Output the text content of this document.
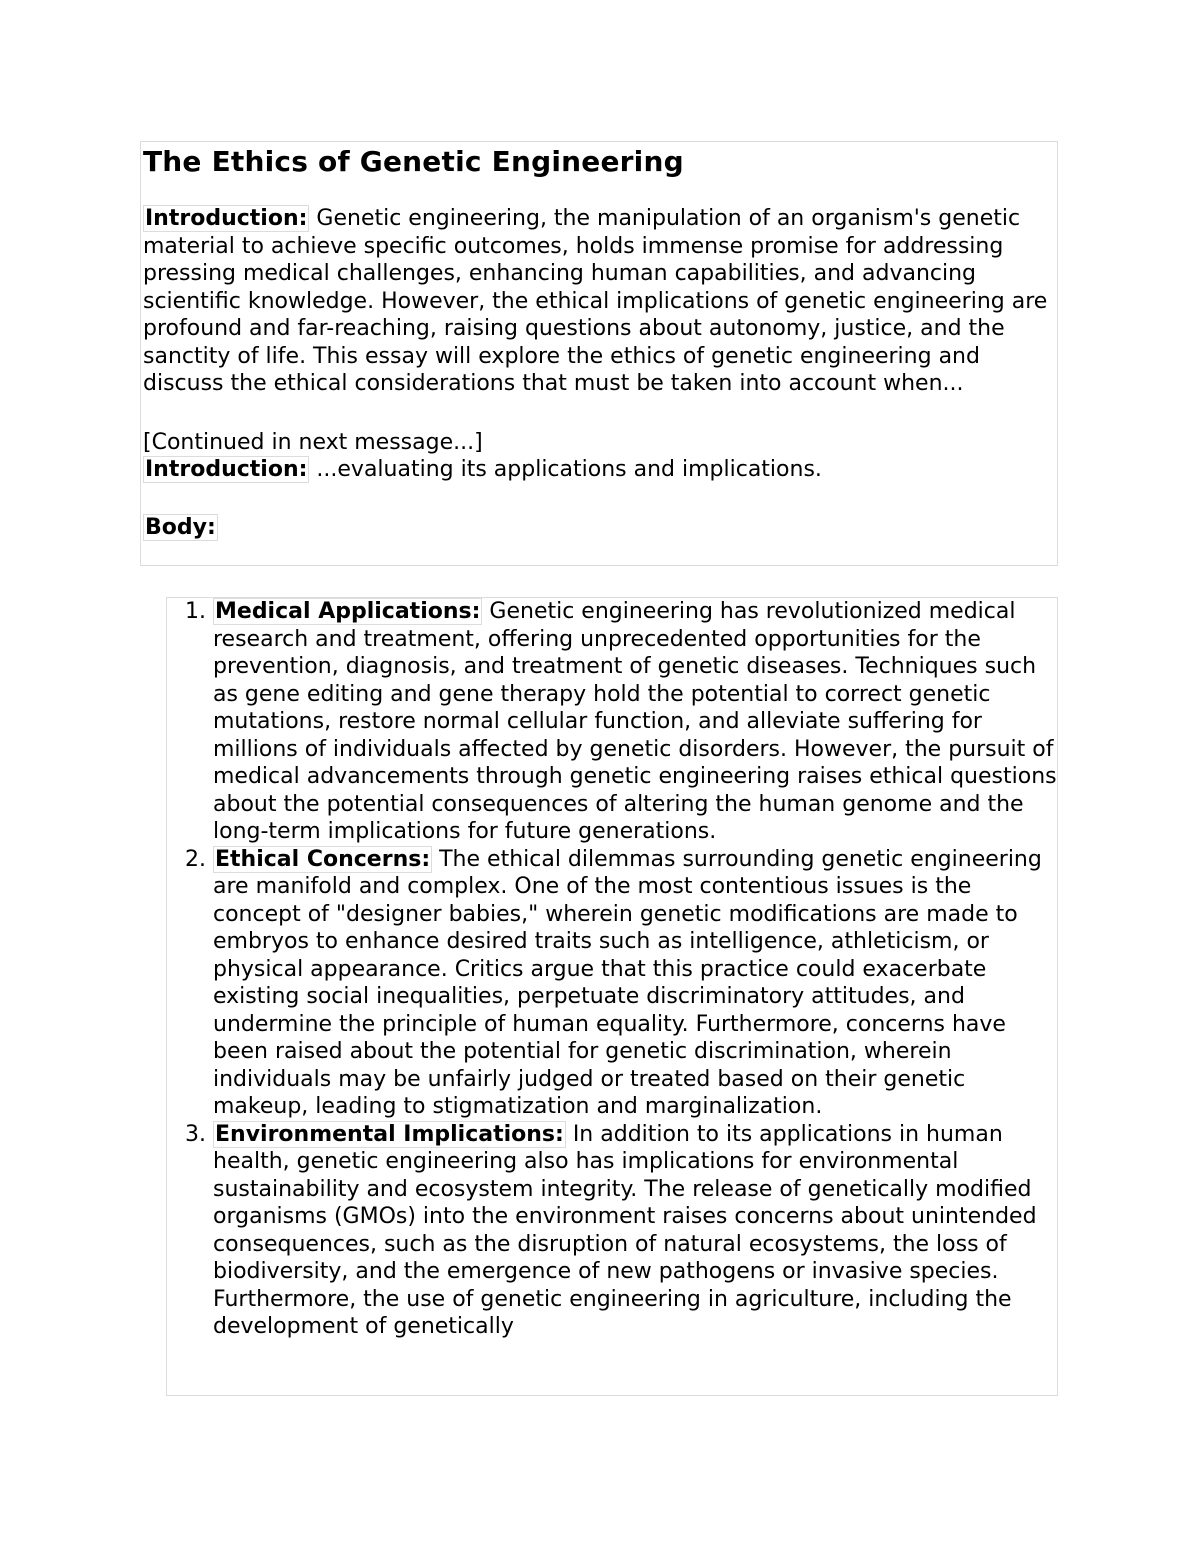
The Ethics of Genetic Engineering

Introduction: Genetic engineering, the manipulation of an organism's genetic material to achieve specific outcomes, holds immense promise for addressing pressing medical challenges, enhancing human capabilities, and advancing scientific knowledge. However, the ethical implications of genetic engineering are profound and far-reaching, raising questions about autonomy, justice, and the sanctity of life. This essay will explore the ethics of genetic engineering and discuss the ethical considerations that must be taken into account when...

[Continued in next message...]

Introduction: ...evaluating its applications and implications.

Body:

1. Medical Applications: Genetic engineering has revolutionized medical research and treatment, offering unprecedented opportunities for the prevention, diagnosis, and treatment of genetic diseases. Techniques such as gene editing and gene therapy hold the potential to correct genetic mutations, restore normal cellular function, and alleviate suffering for millions of individuals affected by genetic disorders. However, the pursuit of medical advancements through genetic engineering raises ethical questions about the potential consequences of altering the human genome and the long-term implications for future generations.
2. Ethical Concerns: The ethical dilemmas surrounding genetic engineering are manifold and complex. One of the most contentious issues is the concept of "designer babies," wherein genetic modifications are made to embryos to enhance desired traits such as intelligence, athleticism, or physical appearance. Critics argue that this practice could exacerbate existing social inequalities, perpetuate discriminatory attitudes, and undermine the principle of human equality. Furthermore, concerns have been raised about the potential for genetic discrimination, wherein individuals may be unfairly judged or treated based on their genetic makeup, leading to stigmatization and marginalization.
3. Environmental Implications: In addition to its applications in human health, genetic engineering also has implications for environmental sustainability and ecosystem integrity. The release of genetically modified organisms (GMOs) into the environment raises concerns about unintended consequences, such as the disruption of natural ecosystems, the loss of biodiversity, and the emergence of new pathogens or invasive species. Furthermore, the use of genetic engineering in agriculture, including the development of genetically
